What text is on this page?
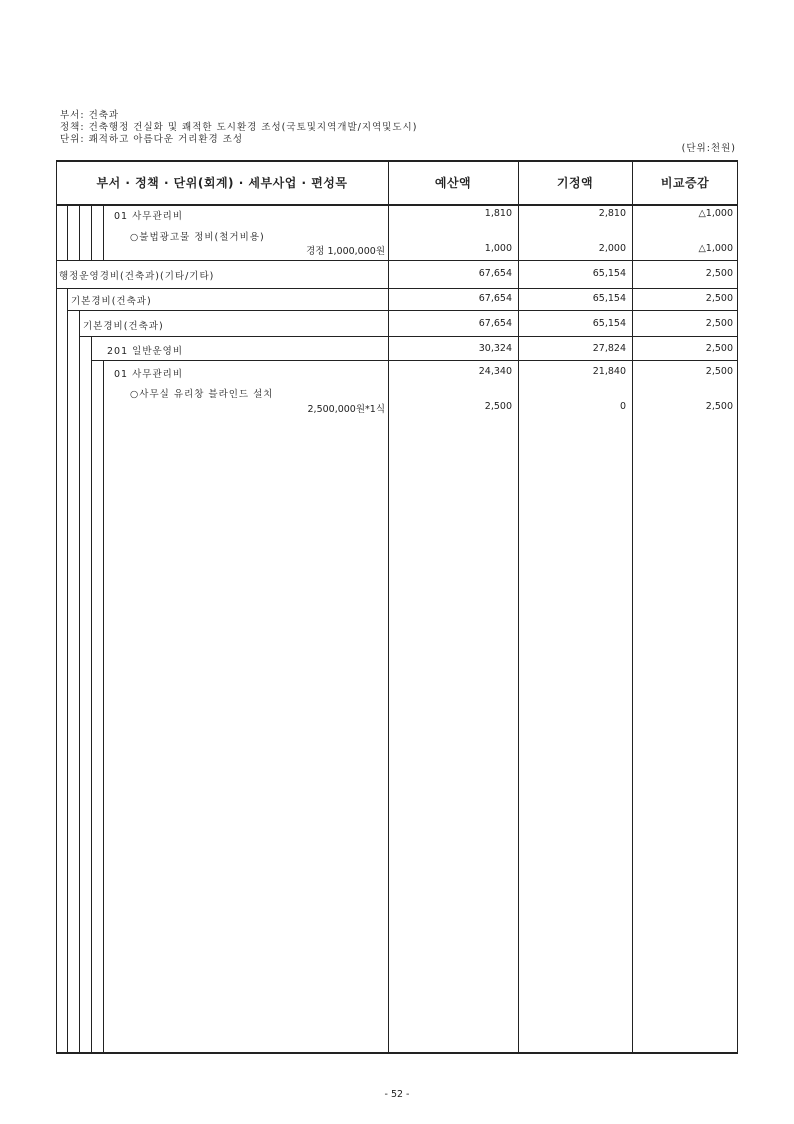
부서: 건축과
정책: 건축행정 건실화 및 쾌적한 도시환경 조성(국토및지역개발/지역및도시)
단위: 쾌적하고 아름다운 거리환경 조성
(단위:천원)
부서 · 정책 · 단위(회계) · 세부사업 · 편성목	예산액	기정액	비교증감
01 사무관리비	1,810	2,810	△1,000
○불법광고물 정비(철거비용)
경정 1,000,000원	1,000	2,000	△1,000
행정운영경비(건축과)(기타/기타)	67,654	65,154	2,500
기본경비(건축과)	67,654	65,154	2,500
기본경비(건축과)	67,654	65,154	2,500
201 일반운영비	30,324	27,824	2,500
01 사무관리비	24,340	21,840	2,500
○사무실 유리창 블라인드 설치
2,500,000원*1식	2,500	0	2,500
- 52 -
